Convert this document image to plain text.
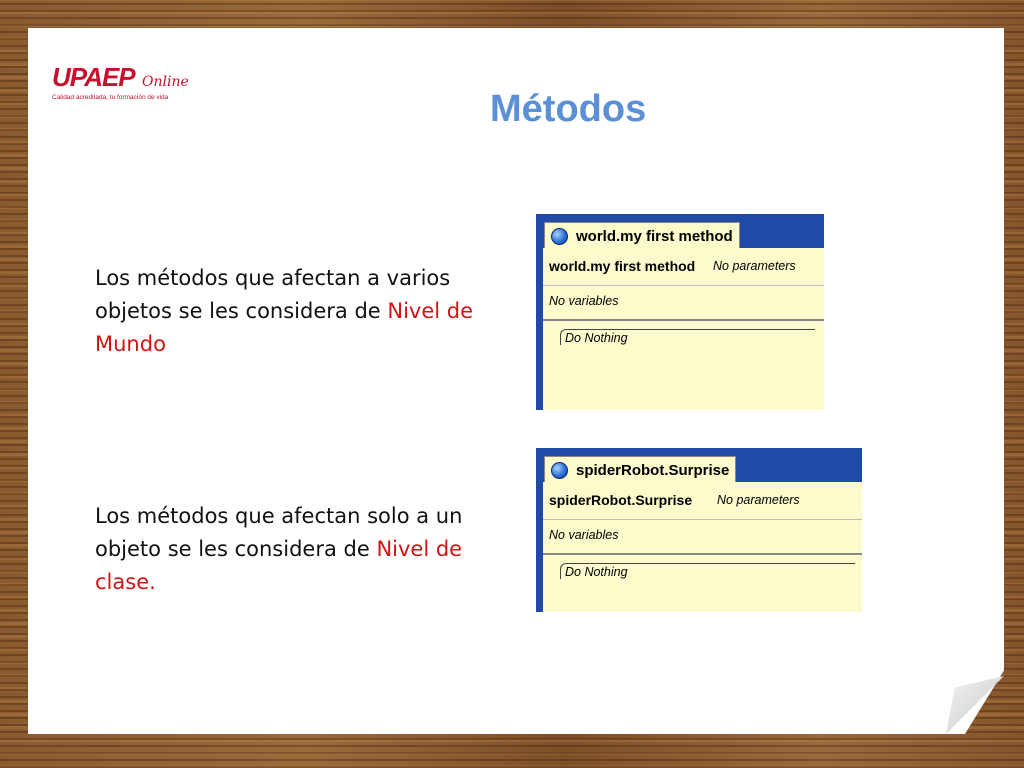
UPAEP Online
Calidad acreditada, tu formación de vida	Métodos
Los métodos que afectan a varios objetos se les considera de Nivel de Mundo
Los métodos que afectan solo a un objeto se les considera de Nivel de clase.
world.my first method
world.my first method No parameters
No variables
Do Nothing
spiderRobot.Surprise
spiderRobot.Surprise No parameters
No variables
Do Nothing
